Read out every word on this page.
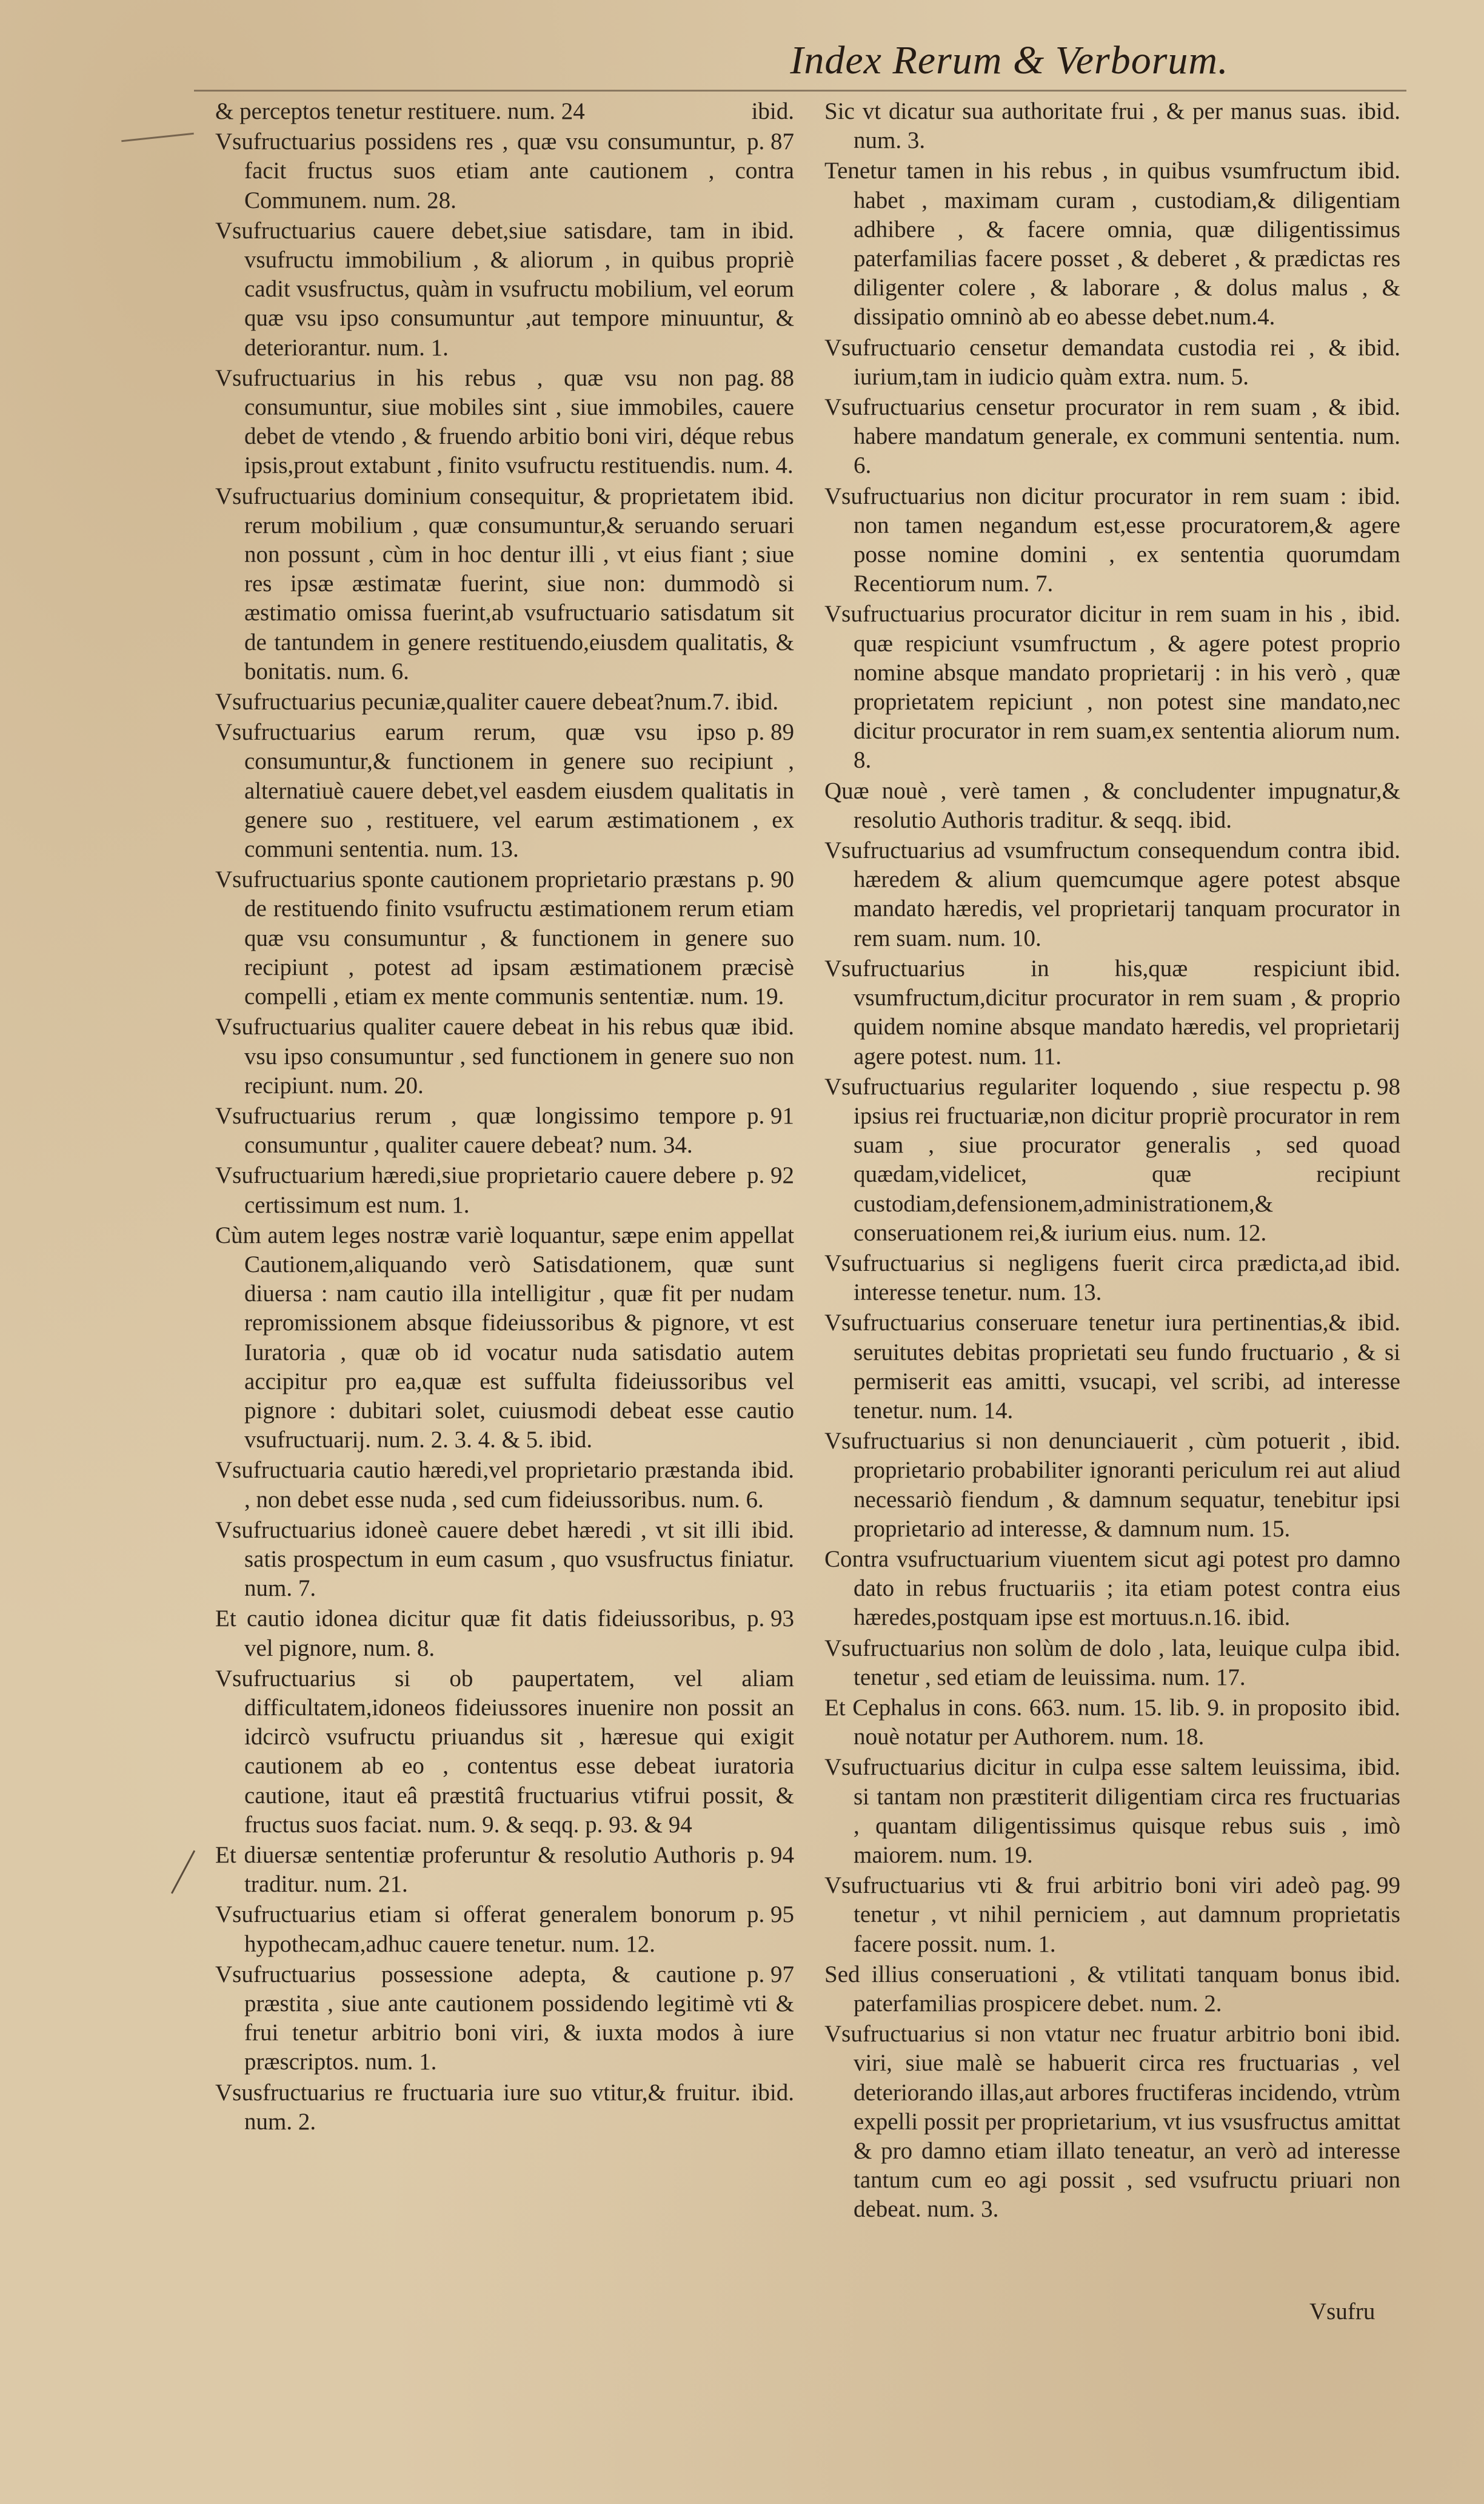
Index Rerum & Verborum.
ibid.
& perceptos tenetur restituere. num. 24
p. 87
Vsufructuarius possidens res , quæ vsu consumuntur, facit fructus suos etiam ante cautionem , contra Communem. num. 28.
ibid.
Vsufructuarius cauere debet,siue satisdare, tam in vsufructu immobilium , & aliorum , in quibus propriè cadit vsusfructus, quàm in vsufructu mobilium, vel eorum quæ vsu ipso consumuntur ,aut tempore minuuntur, & deteriorantur. num. 1.
pag. 88
Vsufructuarius in his rebus , quæ vsu non consumuntur, siue mobiles sint , siue immobiles, cauere debet de vtendo , & fruendo arbitio boni viri, déque rebus ipsis,prout extabunt , finito vsufructu restituendis. num. 4.
ibid.
Vsufructuarius dominium consequitur, & proprietatem rerum mobilium , quæ consumuntur,& seruando seruari non possunt , cùm in hoc dentur illi , vt eius fiant ; siue res ipsæ æstimatæ fuerint, siue non: dummodò si æstimatio omissa fuerint,ab vsufructuario satisdatum sit de tantundem in genere restituendo,eiusdem qualitatis, & bonitatis. num. 6.
Vsufructuarius pecuniæ,qualiter cauere debeat?num.7. ibid.
p. 89
Vsufructuarius earum rerum, quæ vsu ipso consumuntur,& functionem in genere suo recipiunt , alternatiuè cauere debet,vel easdem eiusdem qualitatis in genere suo , restituere, vel earum æstimationem , ex communi sententia. num. 13.
p. 90
Vsufructuarius sponte cautionem proprietario præstans de restituendo finito vsufructu æstimationem rerum etiam quæ vsu consumuntur , & functionem in genere suo recipiunt , potest ad ipsam æstimationem præcisè compelli , etiam ex mente communis sententiæ. num. 19.
ibid.
Vsufructuarius qualiter cauere debeat in his rebus quæ vsu ipso consumuntur , sed functionem in genere suo non recipiunt. num. 20.
p. 91
Vsufructuarius rerum , quæ longissimo tempore consumuntur , qualiter cauere debeat? num. 34.
p. 92
Vsufructuarium hæredi,siue proprietario cauere debere certissimum est num. 1.
Cùm autem leges nostræ variè loquantur, sæpe enim appellat Cautionem,aliquando verò Satisdationem, quæ sunt diuersa : nam cautio illa intelligitur , quæ fit per nudam repromissionem absque fideiussoribus & pignore, vt est Iuratoria , quæ ob id vocatur nuda satisdatio autem accipitur pro ea,quæ est suffulta fideiussoribus vel pignore : dubitari solet, cuiusmodi debeat esse cautio vsufructuarij. num. 2. 3. 4. & 5. ibid.
ibid.
Vsufructuaria cautio hæredi,vel proprietario præstanda , non debet esse nuda , sed cum fideiussoribus. num. 6.
ibid.
Vsufructuarius idoneè cauere debet hæredi , vt sit illi satis prospectum in eum casum , quo vsusfructus finiatur. num. 7.
p. 93
Et cautio idonea dicitur quæ fit datis fideiussoribus, vel pignore, num. 8.
Vsufructuarius si ob paupertatem, vel aliam difficultatem,idoneos fideiussores inuenire non possit an idcircò vsufructu priuandus sit , hæresue qui exigit cautionem ab eo , contentus esse debeat iuratoria cautione, itaut eâ præstitâ fructuarius vtifrui possit, & fructus suos faciat. num. 9. & seqq. p. 93. & 94
p. 94
Et diuersæ sententiæ proferuntur & resolutio Authoris traditur. num. 21.
p. 95
Vsufructuarius etiam si offerat generalem bonorum hypothecam,adhuc cauere tenetur. num. 12.
p. 97
Vsufructuarius possessione adepta, & cautione præstita , siue ante cautionem possidendo legitimè vti & frui tenetur arbitrio boni viri, & iuxta modos à iure præscriptos. num. 1.
ibid.
Vsusfructuarius re fructuaria iure suo vtitur,& fruitur. num. 2.
ibid.
Sic vt dicatur sua authoritate frui , & per manus suas. num. 3.
ibid.
Tenetur tamen in his rebus , in quibus vsumfructum habet , maximam curam , custodiam,& diligentiam adhibere , & facere omnia, quæ diligentissimus paterfamilias facere posset , & deberet , & prædictas res diligenter colere , & laborare , & dolus malus , & dissipatio omninò ab eo abesse debet.num.4.
ibid.
Vsufructuario censetur demandata custodia rei , & iurium,tam in iudicio quàm extra. num. 5.
ibid.
Vsufructuarius censetur procurator in rem suam , & habere mandatum generale, ex communi sententia. num. 6.
ibid.
Vsufructuarius non dicitur procurator in rem suam : non tamen negandum est,esse procuratorem,& agere posse nomine domini , ex sententia quorumdam Recentiorum num. 7.
ibid.
Vsufructuarius procurator dicitur in rem suam in his , quæ respiciunt vsumfructum , & agere potest proprio nomine absque mandato proprietarij : in his verò , quæ proprietatem repiciunt , non potest sine mandato,nec dicitur procurator in rem suam,ex sententia aliorum num. 8.
Quæ nouè , verè tamen , & concludenter impugnatur,& resolutio Authoris traditur. & seqq. ibid.
ibid.
Vsufructuarius ad vsumfructum consequendum contra hæredem & alium quemcumque agere potest absque mandato hæredis, vel proprietarij tanquam procurator in rem suam. num. 10.
ibid.
Vsufructuarius in his,quæ respiciunt vsumfructum,dicitur procurator in rem suam , & proprio quidem nomine absque mandato hæredis, vel proprietarij agere potest. num. 11.
p. 98
Vsufructuarius regulariter loquendo , siue respectu ipsius rei fructuariæ,non dicitur propriè procurator in rem suam , siue procurator generalis , sed quoad quædam,videlicet, quæ recipiunt custodiam,defensionem,administrationem,& conseruationem rei,& iurium eius. num. 12.
ibid.
Vsufructuarius si negligens fuerit circa prædicta,ad interesse tenetur. num. 13.
ibid.
Vsufructuarius conseruare tenetur iura pertinentias,& seruitutes debitas proprietati seu fundo fructuario , & si permiserit eas amitti, vsucapi, vel scribi, ad interesse tenetur. num. 14.
ibid.
Vsufructuarius si non denunciauerit , cùm potuerit , proprietario probabiliter ignoranti periculum rei aut aliud necessariò fiendum , & damnum sequatur, tenebitur ipsi proprietario ad interesse, & damnum num. 15.
Contra vsufructuarium viuentem sicut agi potest pro damno dato in rebus fructuariis ; ita etiam potest contra eius hæredes,postquam ipse est mortuus.n.16. ibid.
ibid.
Vsufructuarius non solùm de dolo , lata, leuique culpa tenetur , sed etiam de leuissima. num. 17.
ibid.
Et Cephalus in cons. 663. num. 15. lib. 9. in proposito nouè notatur per Authorem. num. 18.
ibid.
Vsufructuarius dicitur in culpa esse saltem leuissima, si tantam non præstiterit diligentiam circa res fructuarias , quantam diligentissimus quisque rebus suis , imò maiorem. num. 19.
pag. 99
Vsufructuarius vti & frui arbitrio boni viri adeò tenetur , vt nihil perniciem , aut damnum proprietatis facere possit. num. 1.
ibid.
Sed illius conseruationi , & vtilitati tanquam bonus paterfamilias prospicere debet. num. 2.
ibid.
Vsufructuarius si non vtatur nec fruatur arbitrio boni viri, siue malè se habuerit circa res fructuarias , vel deteriorando illas,aut arbores fructiferas incidendo, vtrùm expelli possit per proprietarium, vt ius vsusfructus amittat & pro damno etiam illato teneatur, an verò ad interesse tantum cum eo agi possit , sed vsufructu priuari non debeat. num. 3.
Vsufru
